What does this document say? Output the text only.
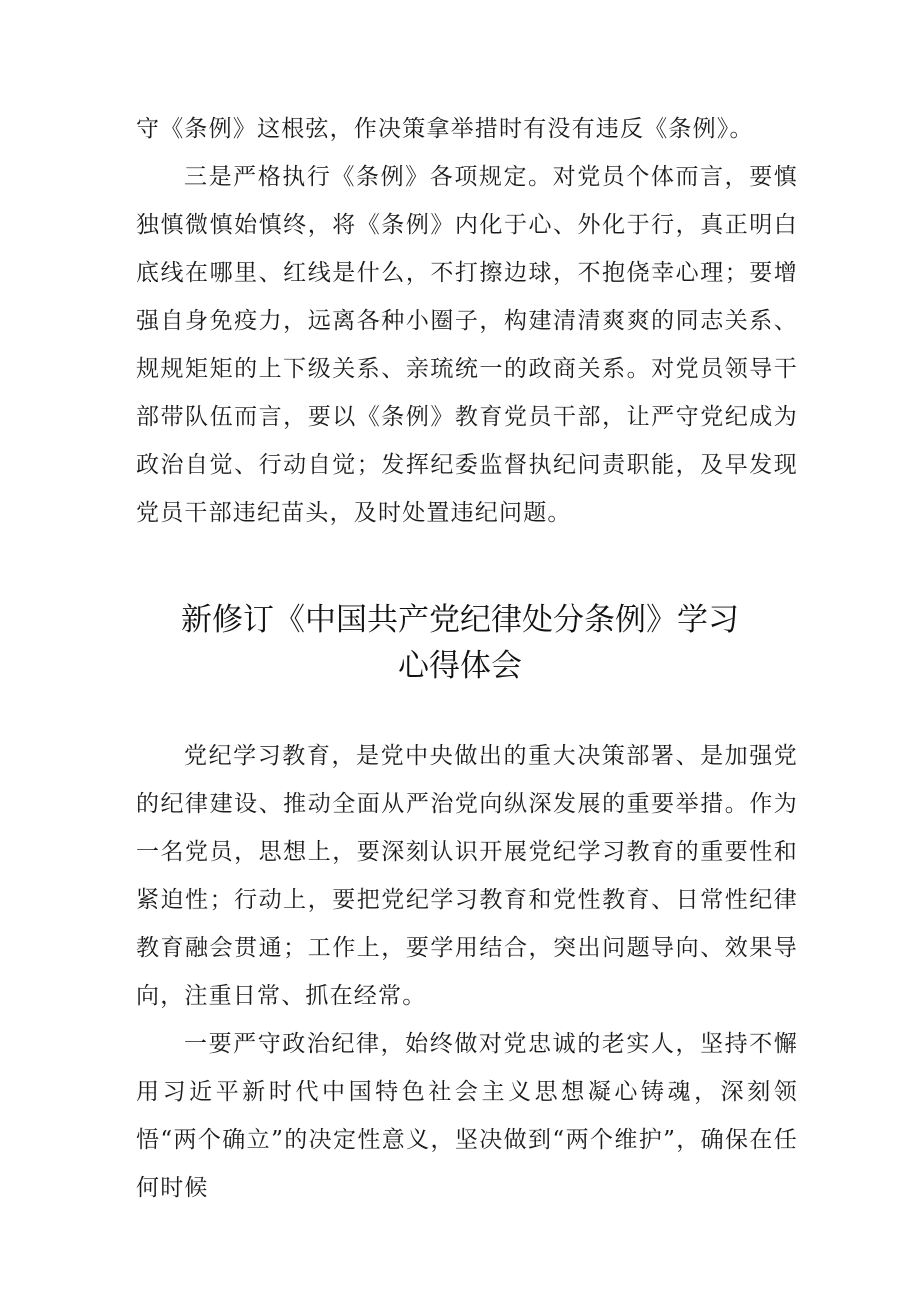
守《条例》这根弦，作决策拿举措时有没有违反《条例》。

三是严格执行《条例》各项规定。对党员个体而言，要慎独慎微慎始慎终，将《条例》内化于心、外化于行，真正明白底线在哪里、红线是什么，不打擦边球，不抱侥幸心理；要增强自身免疫力，远离各种小圈子，构建清清爽爽的同志关系、规规矩矩的上下级关系、亲琉统一的政商关系。对党员领导干部带队伍而言，要以《条例》教育党员干部，让严守党纪成为政治自觉、行动自觉；发挥纪委监督执纪问责职能，及早发现党员干部违纪苗头，及时处置违纪问题。

新修订《中国共产党纪律处分条例》学习
心得体会

党纪学习教育，是党中央做出的重大决策部署、是加强党的纪律建设、推动全面从严治党向纵深发展的重要举措。作为一名党员，思想上，要深刻认识开展党纪学习教育的重要性和紧迫性；行动上，要把党纪学习教育和党性教育、日常性纪律教育融会贯通；工作上，要学用结合，突出问题导向、效果导向，注重日常、抓在经常。

一要严守政治纪律，始终做对党忠诚的老实人，坚持不懈用习近平新时代中国特色社会主义思想凝心铸魂，深刻领悟“两个确立”的决定性意义，坚决做到“两个维护”，确保在任何时候
